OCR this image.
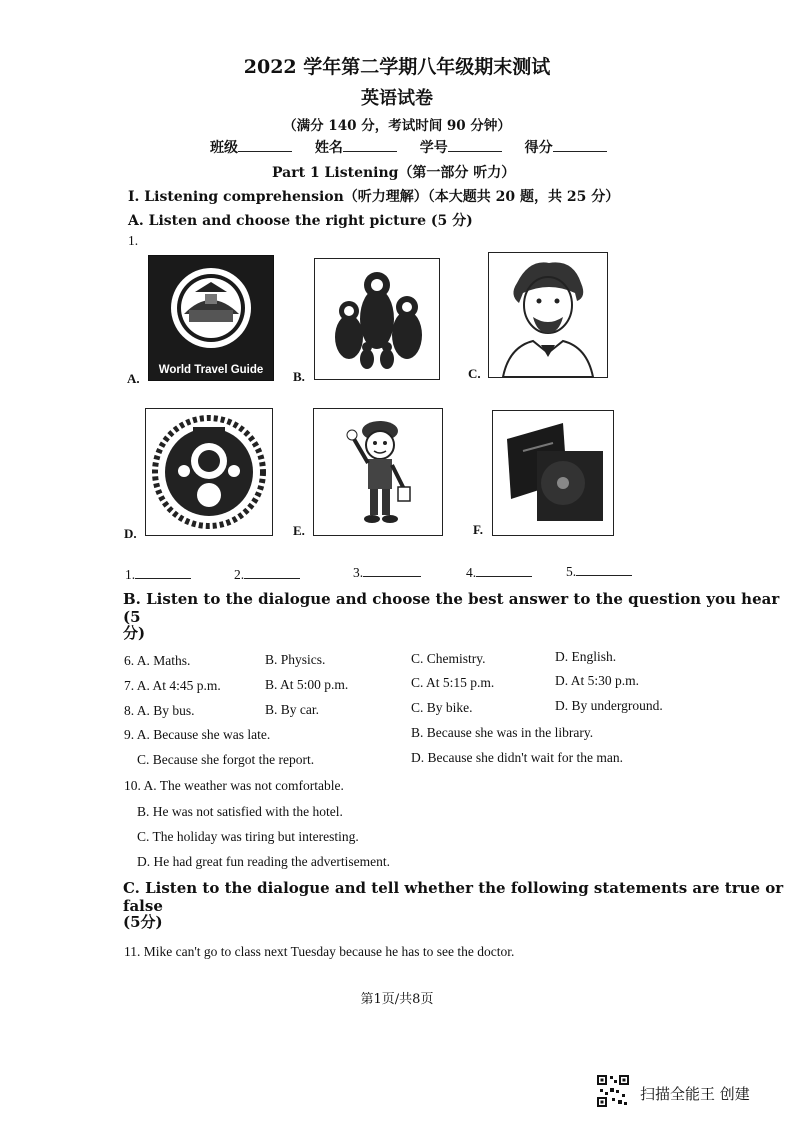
2022 学年第二学期八年级期末测试
英语试卷
（满分 140 分，考试时间 90 分钟）
班级	姓名	学号	得分
Part 1 Listening（第一部分 听力）
I. Listening comprehension（听力理解）（本大题共 20 题，共 25 分）
A. Listen and choose the right picture (5 分)
1.
World Travel Guide
A.	B.	C.
D.	E.	F.
1.	2.	3.	4.	5.
B. Listen to the dialogue and choose the best answer to the question you hear (5
分)
6. A. Maths.	B. Physics.	C. Chemistry.	D. English.
7. A. At 4:45 p.m.	B. At 5:00 p.m.	C. At 5:15 p.m.	D. At 5:30 p.m.
8. A. By bus.	B. By car.	C. By bike.	D. By underground.
9. A. Because she was late.	B. Because she was in the library.
C. Because she forgot the report.	D. Because she didn't wait for the man.
10. A. The weather was not comfortable.
B. He was not satisfied with the hotel.
C. The holiday was tiring but interesting.
D. He had great fun reading the advertisement.
C. Listen to the dialogue and tell whether the following statements are true or false
(5分)
11. Mike can't go to class next Tuesday because he has to see the doctor.
第1页/共8页
扫描全能王 创建
